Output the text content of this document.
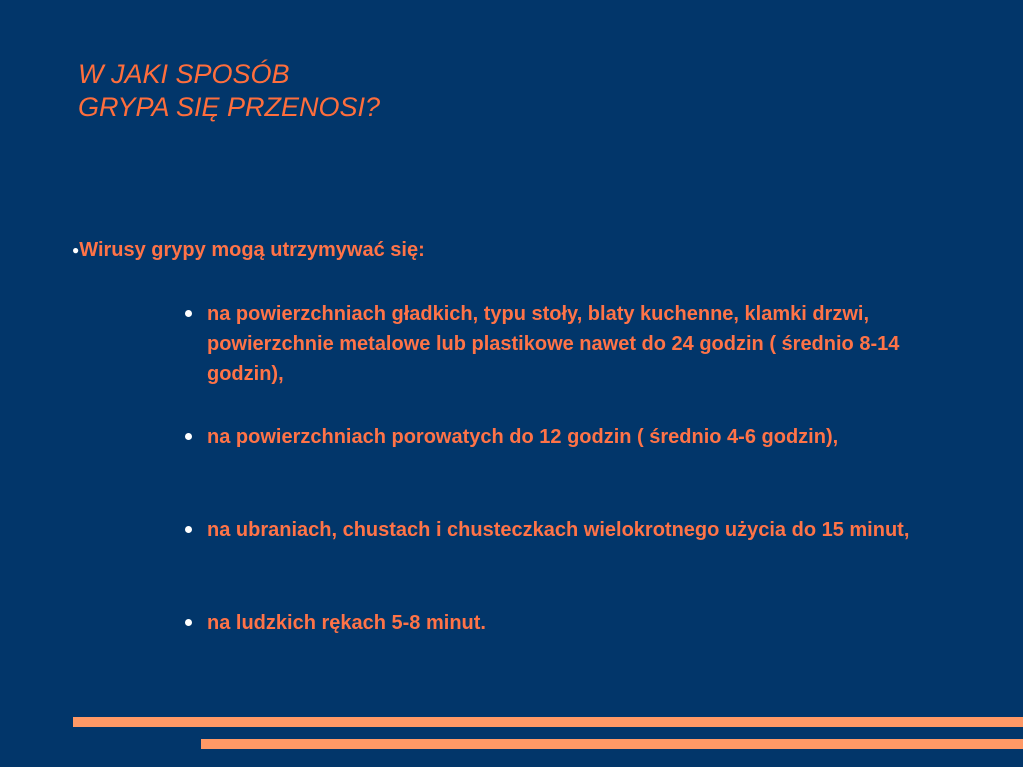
W JAKI SPOSÓB
GRYPA SIĘ PRZENOSI?

●Wirusy grypy mogą utrzymywać się:

na powierzchniach gładkich, typu stoły, blaty kuchenne, klamki drzwi, powierzchnie metalowe lub plastikowe nawet do 24 godzin ( średnio 8-14 godzin),
na powierzchniach porowatych do 12 godzin ( średnio 4-6 godzin),
na ubraniach, chustach i chusteczkach wielokrotnego użycia do 15 minut,
na ludzkich rękach 5-8 minut.
